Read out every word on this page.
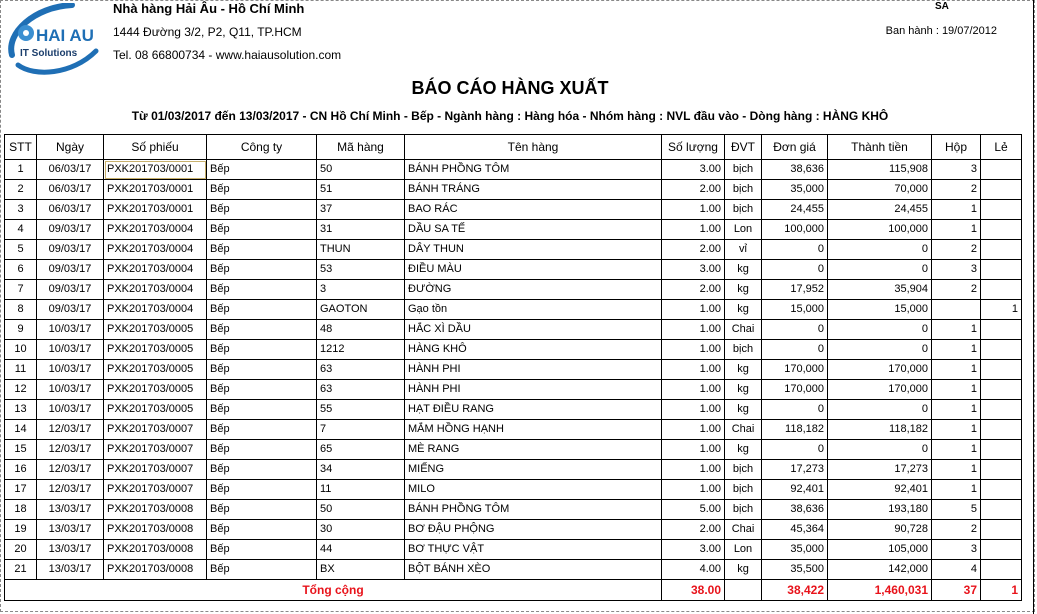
HAI AU
IT Solutions
Nhà hàng Hải Âu - Hồ Chí Minh
1444 Đường 3/2, P2, Q11, TP.HCM
Tel. 08 66800734 - www.haiausolution.com
SA
Ban hành : 19/07/2012
BÁO CÁO HÀNG XUẤT
Từ 01/03/2017 đến 13/03/2017 - CN Hồ Chí Minh - Bếp - Ngành hàng : Hàng hóa - Nhóm hàng : NVL đầu vào - Dòng hàng : HÀNG KHÔ
STT	Ngày	Số phiếu	Công ty	Mã hàng	Tên hàng	Số lượng	ĐVT	Đơn giá	Thành tiền	Hộp	Lẻ
1	06/03/17	PXK201703/0001	Bếp	50	BÁNH PHỒNG TÔM	3.00	bịch	38,636	115,908	3	
2	06/03/17	PXK201703/0001	Bếp	51	BÁNH TRÁNG	2.00	bịch	35,000	70,000	2	
3	06/03/17	PXK201703/0001	Bếp	37	BAO RÁC	1.00	bịch	24,455	24,455	1	
4	09/03/17	PXK201703/0004	Bếp	31	DẦU SA TẾ	1.00	Lon	100,000	100,000	1	
5	09/03/17	PXK201703/0004	Bếp	THUN	DÂY THUN	2.00	vỉ	0	0	2	
6	09/03/17	PXK201703/0004	Bếp	53	ĐIỀU MÀU	3.00	kg	0	0	3	
7	09/03/17	PXK201703/0004	Bếp	3	ĐƯỜNG	2.00	kg	17,952	35,904	2	
8	09/03/17	PXK201703/0004	Bếp	GAOTON	Gạo tồn	1.00	kg	15,000	15,000		1
9	10/03/17	PXK201703/0005	Bếp	48	HẮC XÌ DẦU	1.00	Chai	0	0	1	
10	10/03/17	PXK201703/0005	Bếp	1212	HÀNG KHÔ	1.00	bịch	0	0	1	
11	10/03/17	PXK201703/0005	Bếp	63	HÀNH PHI	1.00	kg	170,000	170,000	1	
12	10/03/17	PXK201703/0005	Bếp	63	HÀNH PHI	1.00	kg	170,000	170,000	1	
13	10/03/17	PXK201703/0005	Bếp	55	HẠT ĐIỀU RANG	1.00	kg	0	0	1	
14	12/03/17	PXK201703/0007	Bếp	7	MẮM HỒNG HẠNH	1.00	Chai	118,182	118,182	1	
15	12/03/17	PXK201703/0007	Bếp	65	MÈ RANG	1.00	kg	0	0	1	
16	12/03/17	PXK201703/0007	Bếp	34	MIẾNG	1.00	bịch	17,273	17,273	1	
17	12/03/17	PXK201703/0007	Bếp	11	MILO	1.00	bịch	92,401	92,401	1	
18	13/03/17	PXK201703/0008	Bếp	50	BÁNH PHỒNG TÔM	5.00	bịch	38,636	193,180	5	
19	13/03/17	PXK201703/0008	Bếp	30	BƠ ĐẬU PHỘNG	2.00	Chai	45,364	90,728	2	
20	13/03/17	PXK201703/0008	Bếp	44	BƠ THỰC VẬT	3.00	Lon	35,000	105,000	3	
21	13/03/17	PXK201703/0008	Bếp	BX	BỘT BÁNH XÈO	4.00	kg	35,500	142,000	4	
Tổng cộng						38.00		38,422	1,460,031	37	1
